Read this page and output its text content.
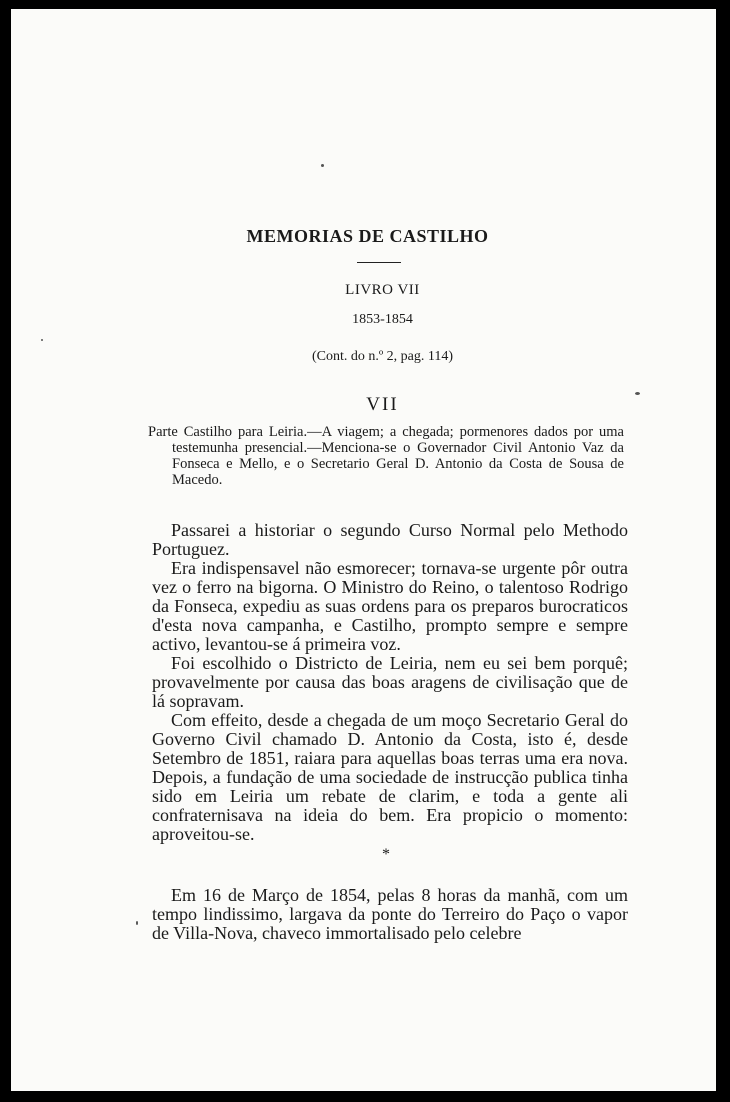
MEMORIAS DE CASTILHO
LIVRO VII
1853-1854
(Cont. do n.º 2, pag. 114)
VII
Parte Castilho para Leiria.—A viagem; a chegada; pormenores dados por uma testemunha presencial.—Menciona-se o Governador Civil Antonio Vaz da Fonseca e Mello, e o Secretario Geral D. Antonio da Costa de Sousa de Macedo.

Passarei a historiar o segundo Curso Normal pelo Methodo Portuguez.

Era indispensavel não esmorecer; tornava-se urgente pôr outra vez o ferro na bigorna. O Ministro do Reino, o talentoso Rodrigo da Fonseca, expediu as suas ordens para os preparos burocraticos d'esta nova campanha, e Castilho, prompto sempre e sempre activo, levantou-se á primeira voz.

Foi escolhido o Districto de Leiria, nem eu sei bem porquê; provavelmente por causa das boas aragens de civilisação que de lá sopravam.

Com effeito, desde a chegada de um moço Secretario Geral do Governo Civil chamado D. Antonio da Costa, isto é, desde Setembro de 1851, raiara para aquellas boas terras uma era nova. Depois, a fundação de uma sociedade de instrucção publica tinha sido em Leiria um rebate de clarim, e toda a gente ali confraternisava na ideia do bem. Era propicio o momento: aproveitou-se.

*

Em 16 de Março de 1854, pelas 8 horas da manhã, com um tempo lindissimo, largava da ponte do Terreiro do Paço o vapor de Villa-Nova, chaveco immortalisado pelo celebre
